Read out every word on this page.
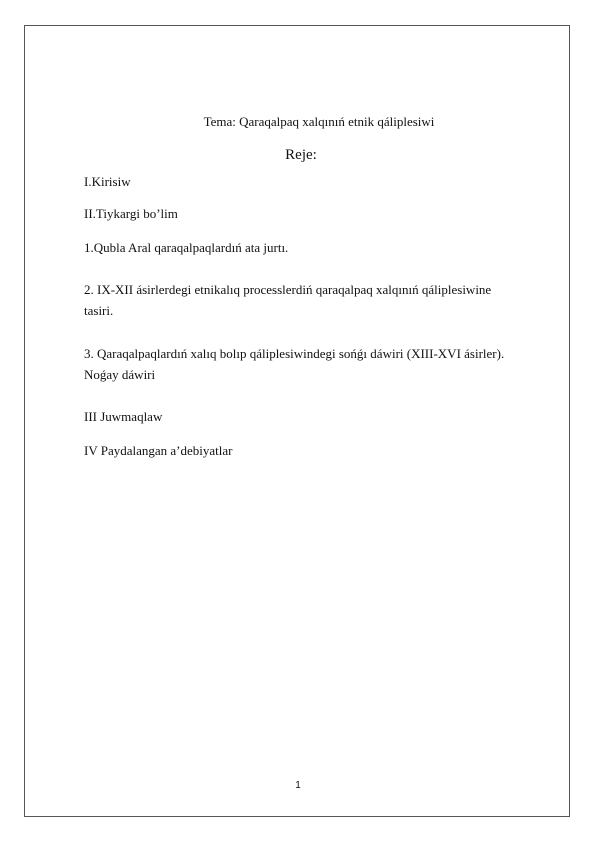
Tema: Qaraqalpaq xalqınıń etnik qáliplesiwi
Reje:
I.Kirisiw
II.Tiykargi bo’lim
1.Qubla Aral qaraqalpaqlardıń ata jurtı.
2. IX-XII ásirlerdegi etnikalıq processlerdiń qaraqalpaq xalqınıń qáliplesiwine
tasiri.
3. Qaraqalpaqlardıń xalıq bolıp qáliplesiwindegi sońǵı dáwiri (XIII-XVI ásirler).
Noǵay dáwiri
III Juwmaqlaw
IV Paydalangan a’debiyatlar
1
